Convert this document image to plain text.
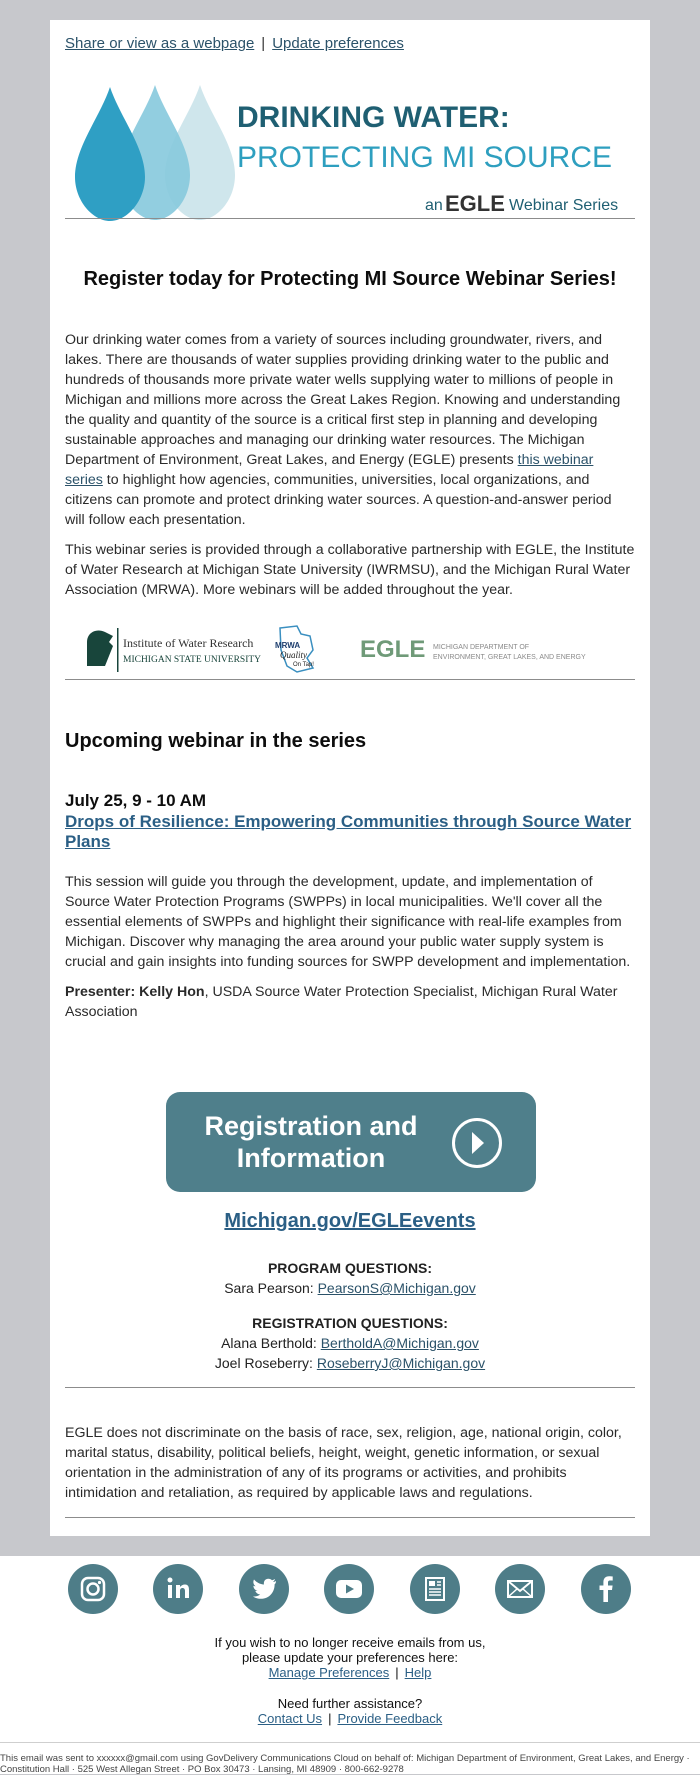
Share or view as a webpage | Update preferences
DRINKING WATER:
PROTECTING MI SOURCE
an EGLE Webinar Series
Register today for Protecting MI Source Webinar Series!
Our drinking water comes from a variety of sources including groundwater, rivers, and lakes. There are thousands of water supplies providing drinking water to the public and hundreds of thousands more private water wells supplying water to millions of people in Michigan and millions more across the Great Lakes Region. Knowing and understanding the quality and quantity of the source is a critical first step in planning and developing sustainable approaches and managing our drinking water resources. The Michigan Department of Environment, Great Lakes, and Energy (EGLE) presents this webinar series to highlight how agencies, communities, universities, local organizations, and citizens can promote and protect drinking water sources. A question-and-answer period will follow each presentation.
This webinar series is provided through a collaborative partnership with EGLE, the Institute of Water Research at Michigan State University (IWRMSU), and the Michigan Rural Water Association (MRWA). More webinars will be added throughout the year.
Institute of Water Research
MICHIGAN STATE UNIVERSITY
MRWA
Quality
On Tap!
EGLE MICHIGAN DEPARTMENT OF
ENVIRONMENT, GREAT LAKES, AND ENERGY
Upcoming webinar in the series
July 25, 9 - 10 AM
Drops of Resilience: Empowering Communities through Source Water Plans
This session will guide you through the development, update, and implementation of Source Water Protection Programs (SWPPs) in local municipalities. We'll cover all the essential elements of SWPPs and highlight their significance with real-life examples from Michigan. Discover why managing the area around your public water supply system is crucial and gain insights into funding sources for SWPP development and implementation.
Presenter: Kelly Hon, USDA Source Water Protection Specialist, Michigan Rural Water Association
Registration and Information
Michigan.gov/EGLEevents
PROGRAM QUESTIONS:
Sara Pearson: PearsonS@Michigan.gov
REGISTRATION QUESTIONS:
Alana Berthold: BertholdA@Michigan.gov
Joel Roseberry: RoseberryJ@Michigan.gov
EGLE does not discriminate on the basis of race, sex, religion, age, national origin, color, marital status, disability, political beliefs, height, weight, genetic information, or sexual orientation in the administration of any of its programs or activities, and prohibits intimidation and retaliation, as required by applicable laws and regulations.
If you wish to no longer receive emails from us,
please update your preferences here:
Manage Preferences | Help
Need further assistance?
Contact Us | Provide Feedback
This email was sent to xxxxxx@gmail.com using GovDelivery Communications Cloud on behalf of: Michigan Department of Environment, Great Lakes, and Energy · Constitution Hall · 525 West Allegan Street · PO Box 30473 · Lansing, MI 48909 · 800-662-9278
